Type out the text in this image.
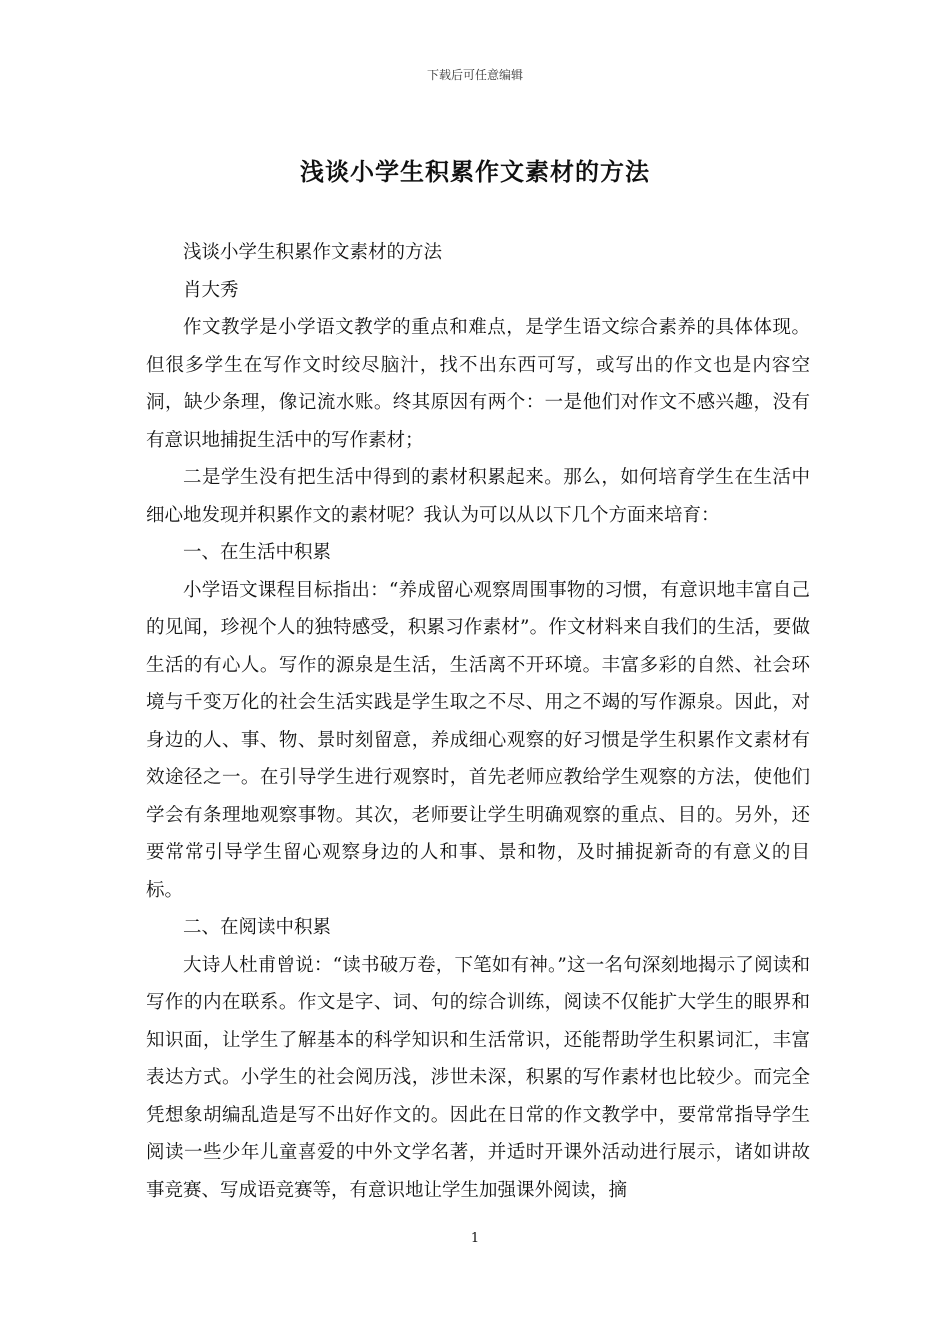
下载后可任意编辑
浅谈小学生积累作文素材的方法

浅谈小学生积累作文素材的方法

肖大秀

作文教学是小学语文教学的重点和难点，是学生语文综合素养的具体体现。但很多学生在写作文时绞尽脑汁，找不出东西可写，或写出的作文也是内容空洞，缺少条理，像记流水账。终其原因有两个：一是他们对作文不感兴趣，没有有意识地捕捉生活中的写作素材；

二是学生没有把生活中得到的素材积累起来。那么，如何培育学生在生活中细心地发现并积累作文的素材呢？我认为可以从以下几个方面来培育：

一、在生活中积累

小学语文课程目标指出：“养成留心观察周围事物的习惯，有意识地丰富自己的见闻，珍视个人的独特感受，积累习作素材”。作文材料来自我们的生活，要做生活的有心人。写作的源泉是生活，生活离不开环境。丰富多彩的自然、社会环境与千变万化的社会生活实践是学生取之不尽、用之不竭的写作源泉。因此，对身边的人、事、物、景时刻留意，养成细心观察的好习惯是学生积累作文素材有效途径之一。在引导学生进行观察时，首先老师应教给学生观察的方法，使他们学会有条理地观察事物。其次，老师要让学生明确观察的重点、目的。另外，还要常常引导学生留心观察身边的人和事、景和物，及时捕捉新奇的有意义的目标。

二、在阅读中积累

大诗人杜甫曾说：“读书破万卷，下笔如有神。”这一名句深刻地揭示了阅读和写作的内在联系。作文是字、词、句的综合训练，阅读不仅能扩大学生的眼界和知识面，让学生了解基本的科学知识和生活常识，还能帮助学生积累词汇，丰富表达方式。小学生的社会阅历浅，涉世未深，积累的写作素材也比较少。而完全凭想象胡编乱造是写不出好作文的。因此在日常的作文教学中，要常常指导学生阅读一些少年儿童喜爱的中外文学名著，并适时开课外活动进行展示，诸如讲故事竞赛、写成语竞赛等，有意识地让学生加强课外阅读，摘

1
